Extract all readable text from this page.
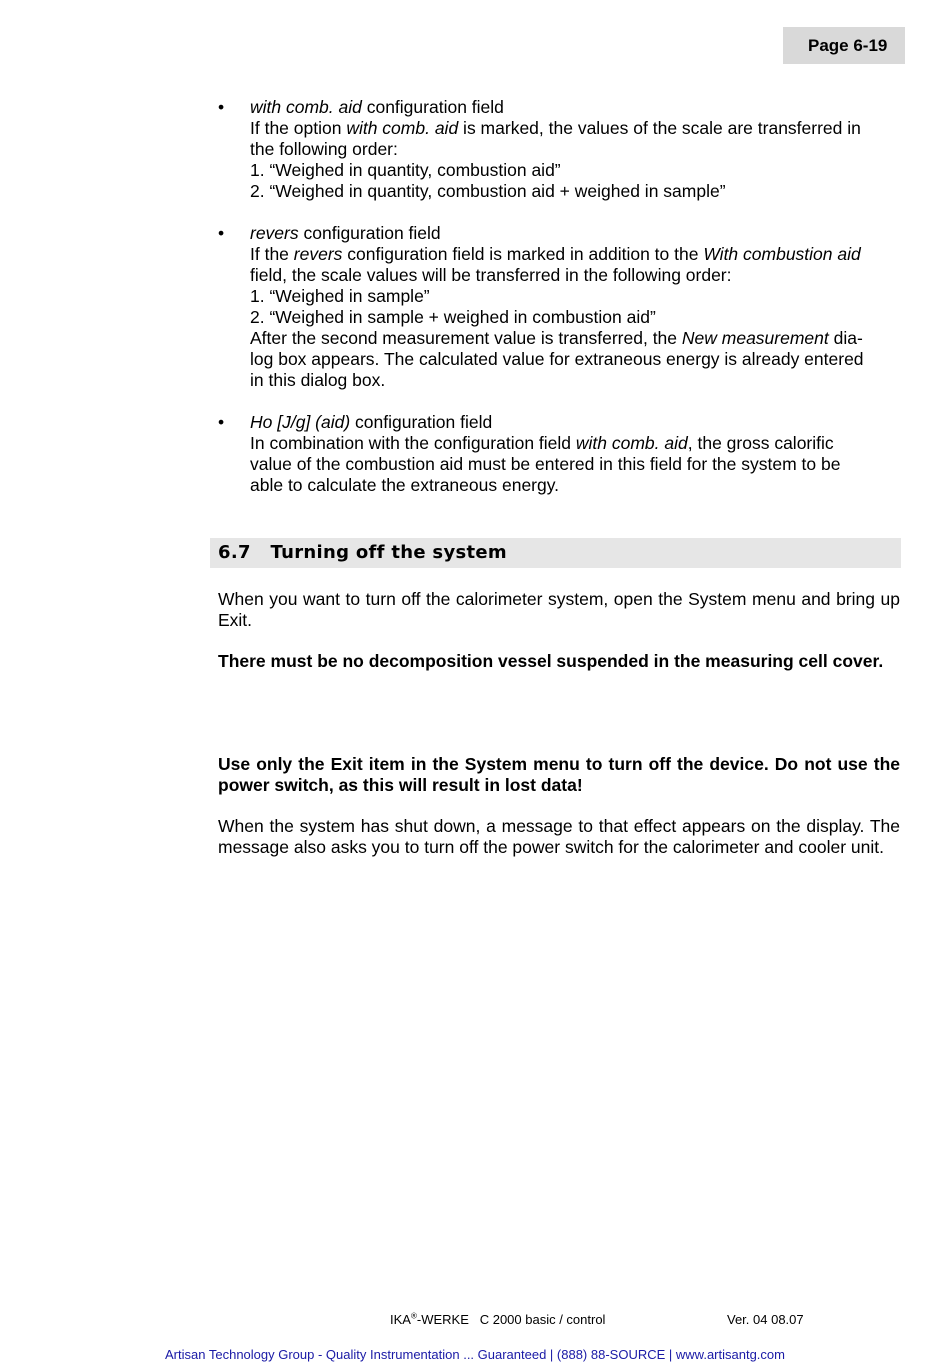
Page 6-19
• with comb. aid configuration field
If the option with comb. aid is marked, the values of the scale are transferred in
the following order:
1. “Weighed in quantity, combustion aid”
2. “Weighed in quantity, combustion aid + weighed in sample”
• revers configuration field
If the revers configuration field is marked in addition to the With combustion aid
field, the scale values will be transferred in the following order:
1. “Weighed in sample”
2. “Weighed in sample + weighed in combustion aid”
After the second measurement value is transferred, the New measurement dia-
log box appears. The calculated value for extraneous energy is already entered
in this dialog box.
• Ho [J/g] (aid) configuration field
In combination with the configuration field with comb. aid, the gross calorific
value of the combustion aid must be entered in this field for the system to be
able to calculate the extraneous energy.
6.7 Turning off the system
When you want to turn off the calorimeter system, open the System menu and bring up Exit.
There must be no decomposition vessel suspended in the measuring cell cover.
Use only the Exit item in the System menu to turn off the device. Do not use the power switch, as this will result in lost data!
When the system has shut down, a message to that effect appears on the display. The message also asks you to turn off the power switch for the calorimeter and cooler unit.
IKA®-WERKE   C 2000 basic / control	Ver. 04 08.07
Artisan Technology Group - Quality Instrumentation ... Guaranteed | (888) 88-SOURCE | www.artisantg.com
